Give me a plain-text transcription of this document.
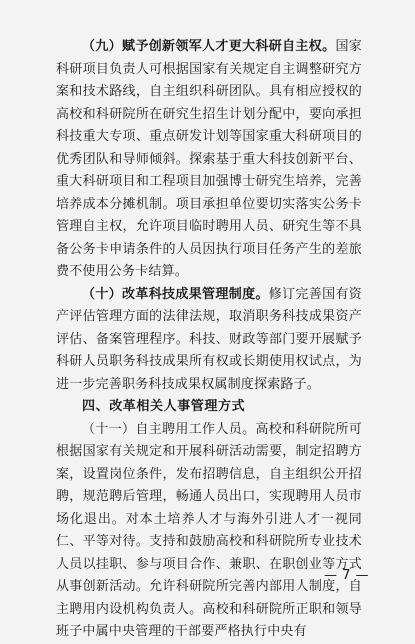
（九）赋予创新领军人才更大科研自主权。国家科研项目负责人可根据国家有关规定自主调整研究方案和技术路线，自主组织科研团队。具有相应授权的高校和科研院所在研究生招生计划分配中，要向承担科技重大专项、重点研发计划等国家重大科研项目的优秀团队和导师倾斜。探索基于重大科技创新平台、重大科研项目和工程项目加强博士研究生培养，完善培养成本分摊机制。项目承担单位要切实落实公务卡管理自主权，允许项目临时聘用人员、研究生等不具备公务卡申请条件的人员因执行项目任务产生的差旅费不使用公务卡结算。

（十）改革科技成果管理制度。修订完善国有资产评估管理方面的法律法规，取消职务科技成果资产评估、备案管理程序。科技、财政等部门要开展赋予科研人员职务科技成果所有权或长期使用权试点，为进一步完善职务科技成果权属制度探索路子。

四、改革相关人事管理方式

（十一）自主聘用工作人员。高校和科研院所可根据国家有关规定和开展科研活动需要，制定招聘方案，设置岗位条件，发布招聘信息，自主组织公开招聘，规范聘后管理，畅通人员出口，实现聘用人员市场化退出。对本土培养人才与海外引进人才一视同仁、平等对待。支持和鼓励高校和科研院所专业技术人员以挂职、参与项目合作、兼职、在职创业等方式从事创新活动。允许科研院所完善内部用人制度，自主聘用内设机构负责人。高校和科研院所正职和领导班子中属中央管理的干部要严格执行中央有

— 7 —
